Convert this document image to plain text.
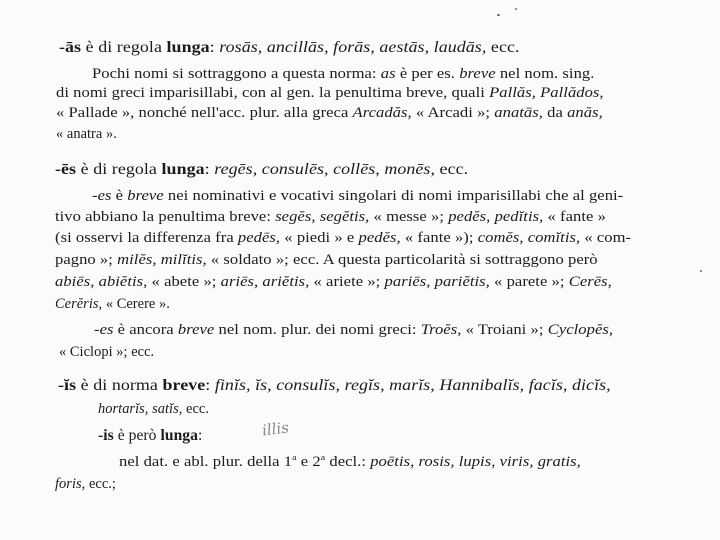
-ās è di regola lunga: rosās, ancillās, forās, aestās, laudās, ecc.
Pochi nomi si sottraggono a questa norma: as è per es. breve nel nom. sing.
di nomi greci imparisillabi, con al gen. la penultima breve, quali Pallăs, Pallădos,
« Pallade », nonché nell'acc. plur. alla greca Arcadăs, « Arcadi »; anatās, da anăs,
« anatra ».
-ēs è di regola lunga: regēs, consulēs, collēs, monēs, ecc.
-es è breve nei nominativi e vocativi singolari di nomi imparisillabi che al geni-
tivo abbiano la penultima breve: segĕs, segĕtis, « messe »; pedĕs, pedĭtis, « fante »
(si osservi la differenza fra pedēs, « piedi » e pedĕs, « fante »); comĕs, comĭtis, « com-
pagno »; milĕs, milĭtis, « soldato »; ecc. A questa particolarità si sottraggono però
abiēs, abiĕtis, « abete »; ariēs, ariĕtis, « ariete »; pariēs, pariĕtis, « parete »; Cerēs,
Cerĕris, « Cerere ».
-es è ancora breve nel nom. plur. dei nomi greci: Troĕs, « Troiani »; Cyclopĕs,
« Ciclopi »; ecc.
-ĭs è di norma breve: finĭs, ĭs, consulĭs, regĭs, marĭs, Hannibalĭs, facĭs, dicĭs,
hortarĭs, satĭs, ecc.
-is è però lunga:
nel dat. e abl. plur. della 1$^a$ e 2$^a$ decl.: poētis, rosis, lupis, viris, gratis,
foris, ecc.;
illis
